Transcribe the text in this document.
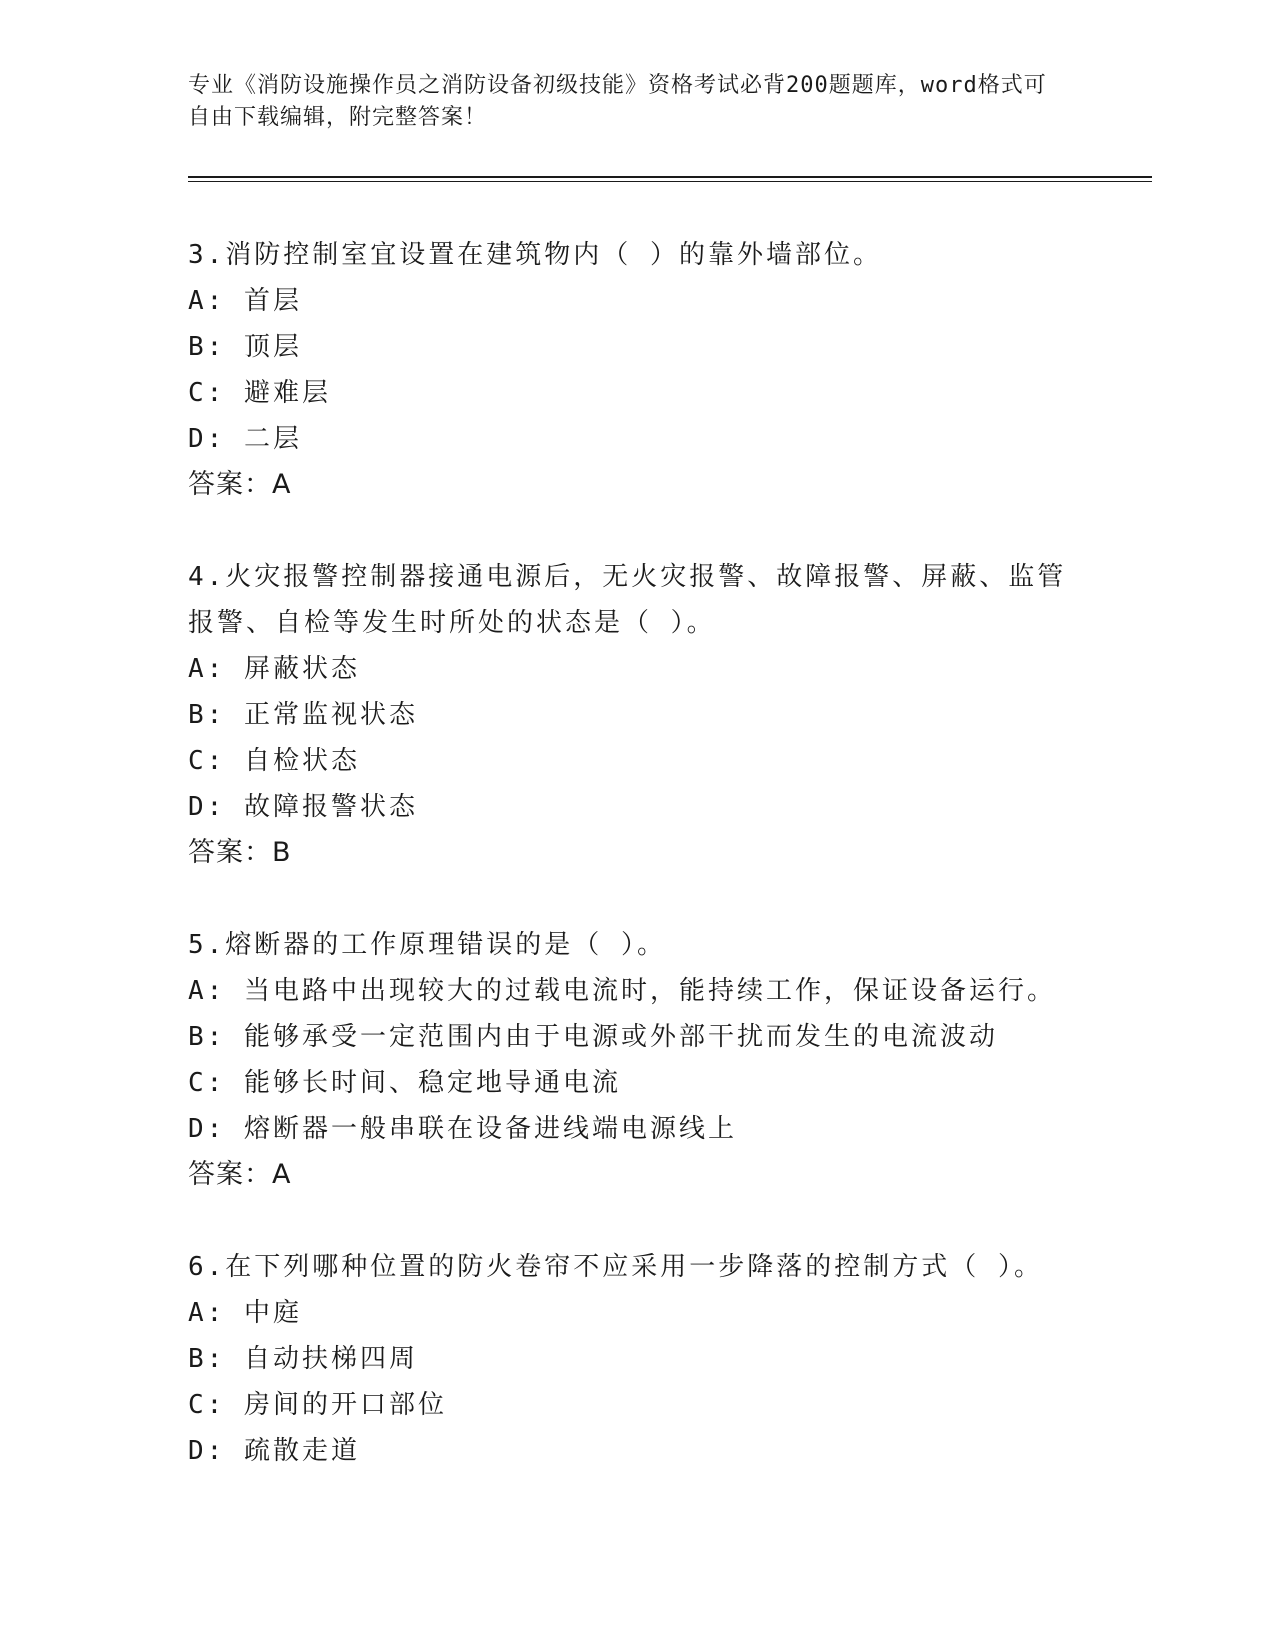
专业《消防设施操作员之消防设备初级技能》资格考试必背200题题库，word格式可自由下载编辑，附完整答案！

3.消防控制室宜设置在建筑物内（ ）的靠外墙部位。

A: 首层

B: 顶层

C: 避难层

D: 二层

答案：A

4.火灾报警控制器接通电源后，无火灾报警、故障报警、屏蔽、监管报警、自检等发生时所处的状态是（ ）。

A: 屏蔽状态

B: 正常监视状态

C: 自检状态

D: 故障报警状态

答案：B

5.熔断器的工作原理错误的是（ ）。

A: 当电路中出现较大的过载电流时，能持续工作，保证设备运行。

B: 能够承受一定范围内由于电源或外部干扰而发生的电流波动

C: 能够长时间、稳定地导通电流

D: 熔断器一般串联在设备进线端电源线上

答案：A

6.在下列哪种位置的防火卷帘不应采用一步降落的控制方式（ ）。

A: 中庭

B: 自动扶梯四周

C: 房间的开口部位

D: 疏散走道
